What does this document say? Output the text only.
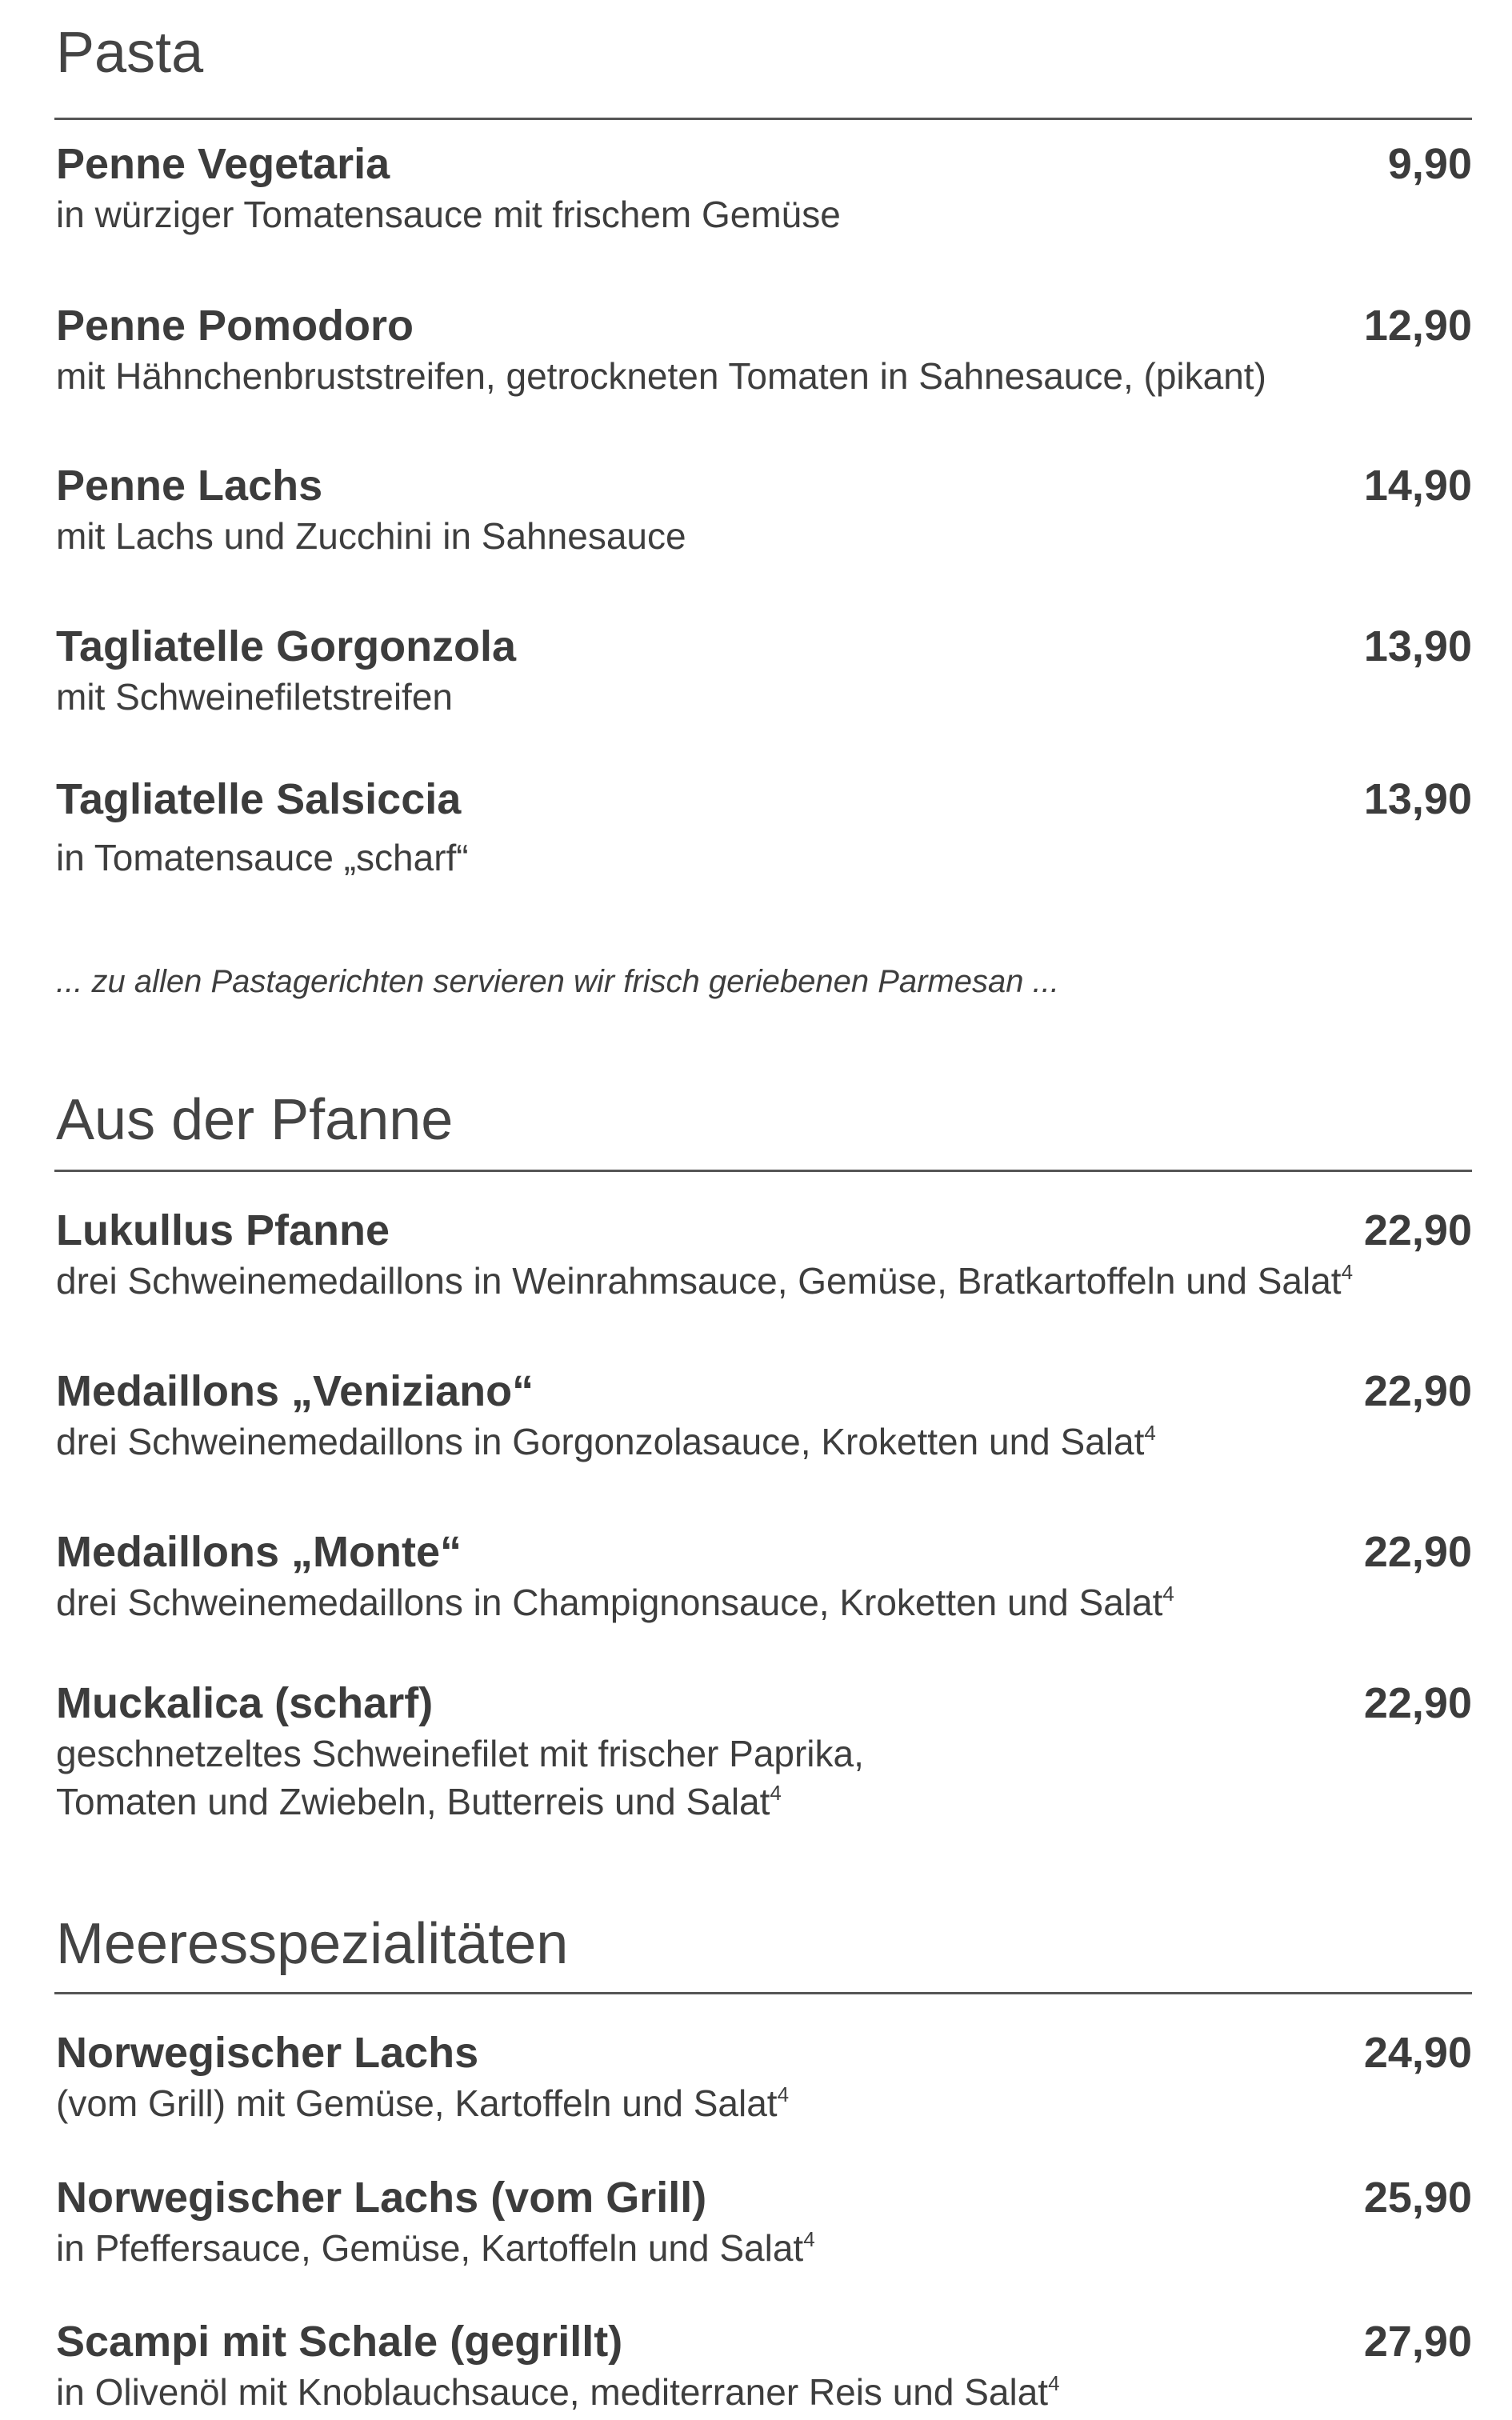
Pasta
Penne Vegetaria	9,90
in würziger Tomatensauce mit frischem Gemüse
Penne Pomodoro	12,90
mit Hähnchenbruststreifen, getrockneten Tomaten in Sahnesauce, (pikant)
Penne Lachs	14,90
mit Lachs und Zucchini in Sahnesauce
Tagliatelle Gorgonzola	13,90
mit Schweinefiletstreifen
Tagliatelle Salsiccia	13,90
in Tomatensauce „scharf“
... zu allen Pastagerichten servieren wir frisch geriebenen Parmesan ...
Aus der Pfanne
Lukullus Pfanne	22,90
drei Schweinemedaillons in Weinrahmsauce, Gemüse, Bratkartoffeln und Salat$^4$
Medaillons „Veniziano“	22,90
drei Schweinemedaillons in Gorgonzolasauce, Kroketten und Salat$^4$
Medaillons „Monte“	22,90
drei Schweinemedaillons in Champignonsauce, Kroketten und Salat$^4$
Muckalica (scharf)	22,90
geschnetzeltes Schweinefilet mit frischer Paprika,
Tomaten und Zwiebeln, Butterreis und Salat$^4$
Meeresspezialitäten
Norwegischer Lachs	24,90
(vom Grill) mit Gemüse, Kartoffeln und Salat$^4$
Norwegischer Lachs (vom Grill)	25,90
in Pfeffersauce, Gemüse, Kartoffeln und Salat$^4$
Scampi mit Schale (gegrillt)	27,90
in Olivenöl mit Knoblauchsauce, mediterraner Reis und Salat$^4$
